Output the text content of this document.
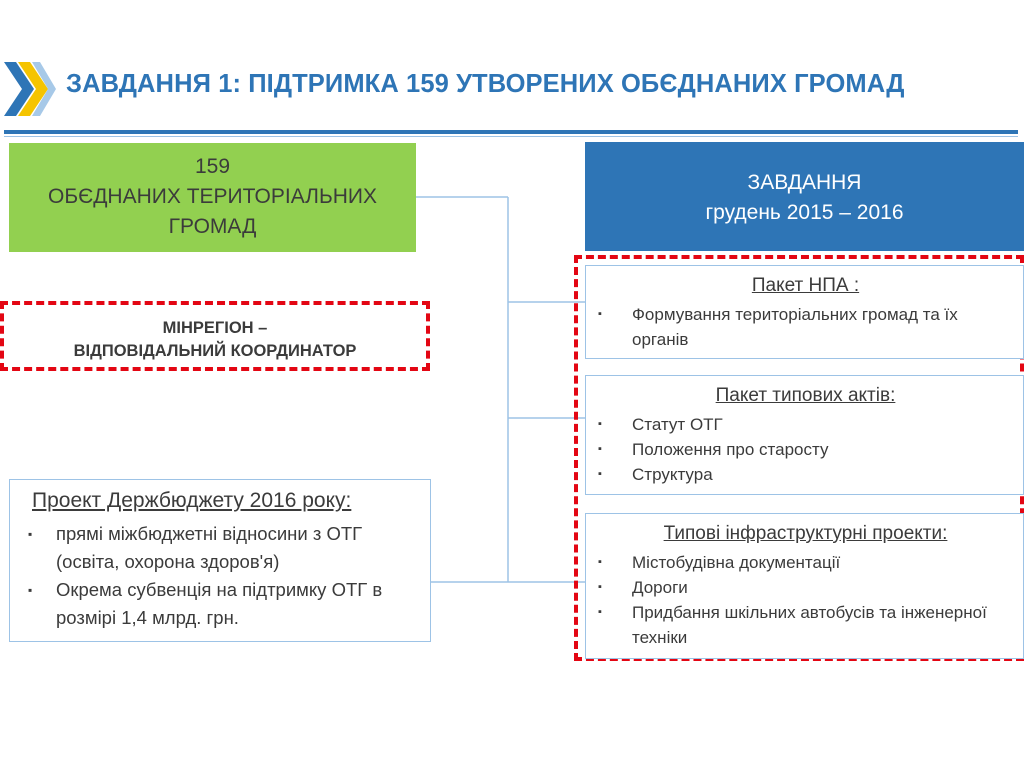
ЗАВДАННЯ 1: ПІДТРИМКА 159 УТВОРЕНИХ ОБЄДНАНИХ ГРОМАД
159
ОБЄДНАНИХ ТЕРИТОРІАЛЬНИХ
ГРОМАД
МІНРЕГІОН –
ВІДПОВІДАЛЬНИЙ КООРДИНАТОР
Проект Держбюджету 2016 року:
▪ прямі міжбюджетні відносини з ОТГ (освіта, охорона здоров'я)
▪ Окрема субвенція на підтримку ОТГ в розмірі 1,4 млрд. грн.
ЗАВДАННЯ
грудень 2015 – 2016
Пакет НПА :
▪ Формування територіальних громад та їх органів
Пакет типових актів:
▪ Статут ОТГ
▪ Положення про старосту
▪ Структура
Типові інфраструктурні проекти:
▪ Містобудівна документації
▪ Дороги
▪ Придбання шкільних автобусів та інженерної техніки
